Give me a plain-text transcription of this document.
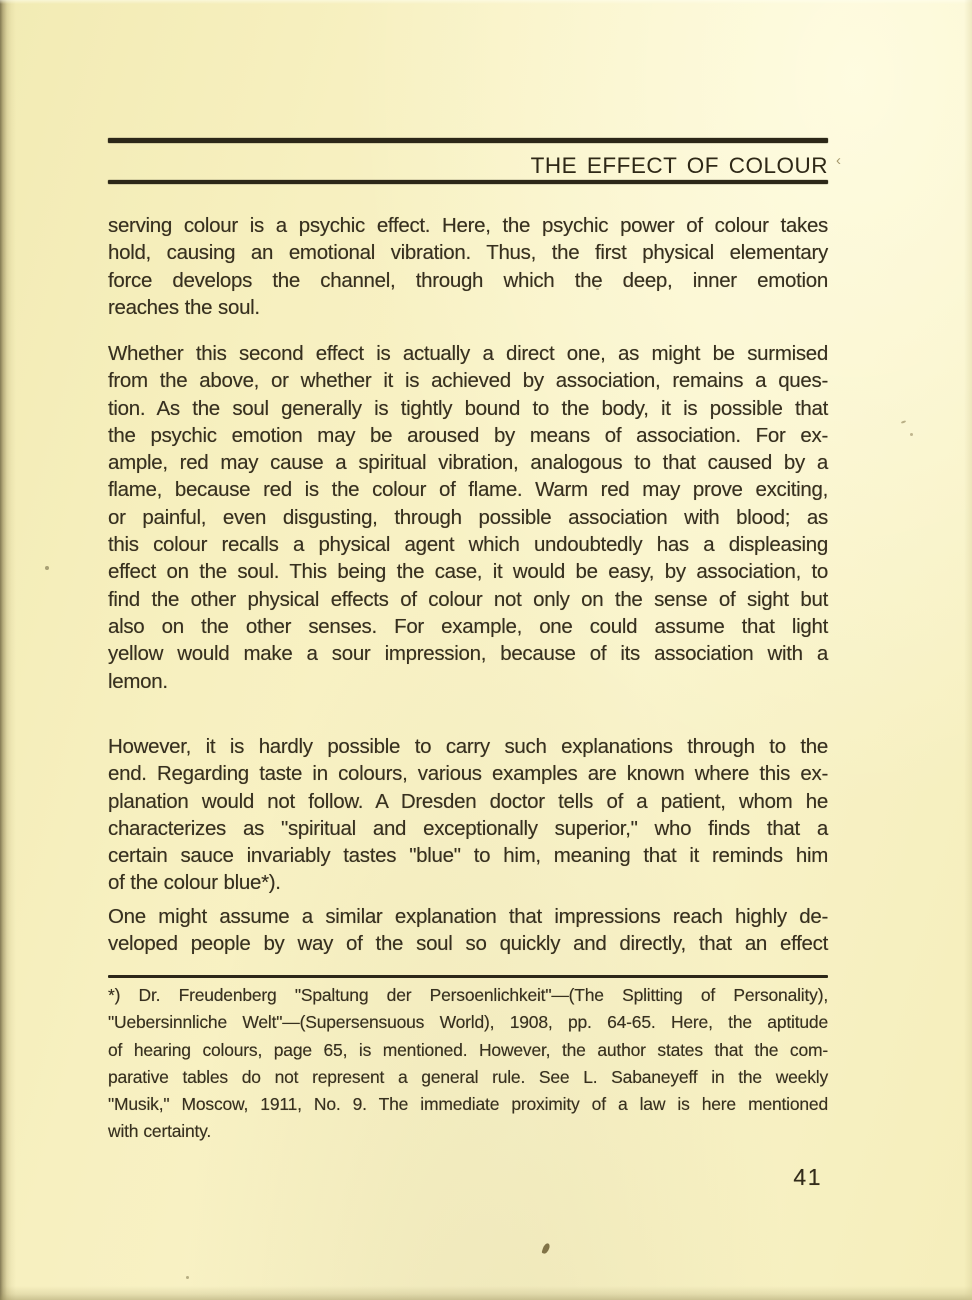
‹
THE EFFECT OF COLOUR
serving colour is a psychic effect. Here, the psychic power of colour takes
hold, causing an emotional vibration. Thus, the first physical elementary
force develops the channel, through which the deep, inner emotion
reaches the soul.
Whether this second effect is actually a direct one, as might be surmised
from the above, or whether it is achieved by association, remains a ques-
tion. As the soul generally is tightly bound to the body, it is possible that
the psychic emotion may be aroused by means of association. For ex-
ample, red may cause a spiritual vibration, analogous to that caused by a
flame, because red is the colour of flame. Warm red may prove exciting,
or painful, even disgusting, through possible association with blood; as
this colour recalls a physical agent which undoubtedly has a displeasing
effect on the soul. This being the case, it would be easy, by association, to
find the other physical effects of colour not only on the sense of sight but
also on the other senses. For example, one could assume that light
yellow would make a sour impression, because of its association with a
lemon.
However, it is hardly possible to carry such explanations through to the
end. Regarding taste in colours, various examples are known where this ex-
planation would not follow. A Dresden doctor tells of a patient, whom he
characterizes as "spiritual and exceptionally superior," who finds that a
certain sauce invariably tastes "blue" to him, meaning that it reminds him
of the colour blue*).
One might assume a similar explanation that impressions reach highly de-
veloped people by way of the soul so quickly and directly, that an effect
*) Dr. Freudenberg "Spaltung der Persoenlichkeit"—(The Splitting of Personality),
"Uebersinnliche Welt"—(Supersensuous World), 1908, pp. 64-65. Here, the aptitude
of hearing colours, page 65, is mentioned. However, the author states that the com-
parative tables do not represent a general rule. See L. Sabaneyeff in the weekly
"Musik," Moscow, 1911, No. 9. The immediate proximity of a law is here mentioned
with certainty.
41
